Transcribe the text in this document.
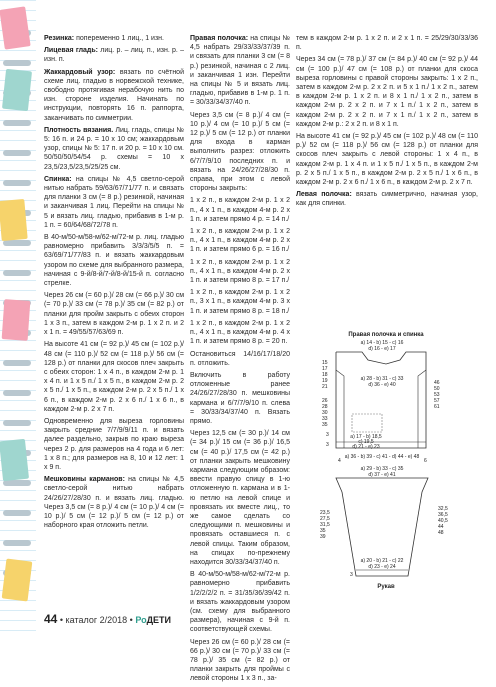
Резинка: попеременно 1 лиц., 1 изн.

Лицевая гладь: лиц. р. – лиц. п., изн. р. – изн. п.

Жаккардовый узор: вязать по счётной схеме лиц. гладью в норвежской технике, свободно протягивая нерабочую нить по изн. стороне изделия. Начинать по инструкции, повторять 16 п. раппорта, заканчивать по симметрии.

Плотность вязания. Лиц. гладь, спицы № 5: 16 п. и 24 р. = 10 х 10 см; жаккардовым узор, спицы № 5: 17 п. и 20 р. = 10 х 10 см. 50/50/50/54/54 р. схемы = 10 х 23,5/23,5/23,5/25/25 см.

Спинка: на спицы № 4,5 светло-серой нитью набрать 59/63/67/71/77 п. и связать для планки 3 см (= 8 р.) резинкой, начиная и заканчивая 1 лиц. Перейти на спицы № 5 и вязать лиц. гладью, прибавив в 1-м р. 1 п. = 60/64/68/72/78 п.

В 40-м/50-м/58-м/62-м/72-м р. лиц. гладью равномерно прибавить 3/3/3/5/5 п. = 63/69/71/77/83 п. и вязать жаккардовым узором по схеме для выбранного размера, начиная с 9-й/8-й/7-й/8-й/15-й п. согласно стрелке.

Через 26 см (= 60 р.)/ 28 см (= 66 р.)/ 30 см (= 70 р.)/ 33 см (= 78 р.)/ 35 см (= 82 р.) от планки для пройм закрыть с обеих сторон 1 х 3 п., затем в каждом 2-м р. 1 х 2 п. и 2 х 1 п. = 49/55/57/63/69 п.

На высоте 41 см (= 92 р.)/ 45 см (= 102 р.)/ 48 см (= 110 р.)/ 52 см (= 118 р.)/ 56 см (= 128 р.) от планки для скосов плеч закрыть с обеих сторон: 1 х 4 п., в каждом 2-м р. 1 х 4 п. и 1 х 5 п./ 1 х 5 п., в каждом 2-м р. 2 х 5 п./ 1 х 5 п., в каждом 2-м р. 2 х 5 п./ 1 х 6 п., в каждом 2-м р. 2 х 6 п./ 1 х 6 п., в каждом 2-м р. 2 х 7 п.

Одновременно для выреза горловины закрыть средние 7/7/9/9/11 п. и вязать далее раздельно, закрыв по краю выреза через 2 р. для размеров на 4 года и 6 лет: 1 х 8 п.; для размеров на 8, 10 и 12 лет: 1 х 9 п.

Мешковины карманов: на спицы № 4,5 светло-серой нитью набрать 24/26/27/28/30 п. и вязать лиц. гладью. Через 3,5 см (= 8 р.)/ 4 см (= 10 р.)/ 4 см (= 10 р.)/ 5 см (= 12 р.)/ 5 см (= 12 р.) от наборного края отложить петли.

Правая полочка: на спицы № 4,5 набрать 29/33/33/37/39 п. и связать для планки 3 см (= 8 р.) резинкой, начиная с 2 лиц. и заканчивая 1 изн. Перейти на спицы № 5 и вязать лиц. гладью, прибавив в 1-м р. 1 п. = 30/33/34/37/40 п.

Через 3,5 см (= 8 р.)/ 4 см (= 10 р.)/ 4 см (= 10 р.)/ 5 см (= 12 р.)/ 5 см (= 12 р.) от планки для входа в карман выполнить разрез: отложить 6/7/7/9/10 последних п. и вязать на 24/26/27/28/30 п. справа, при этом с левой стороны закрыть:

1 х 2 п., в каждом 2-м р. 1 х 2 п., 4 х 1 п., в каждом 4-м р. 2 х 1 п. и затем прямо 4 р. = 14 п./

1 х 2 п., в каждом 2-м р. 1 х 2 п., 4 х 1 п., в каждом 4-м р. 2 х 1 п. и затем прямо 6 р. = 16 п./

1 х 2 п., в каждом 2-м р. 1 х 2 п., 4 х 1 п., в каждом 4-м р. 2 х 1 п. и затем прямо 8 р. = 17 п./

1 х 2 п., в каждом 2-м р. 1 х 2 п., 3 х 1 п., в каждом 4-м р. 3 х 1 п. и затем прямо 8 р. = 18 п./

1 х 2 п., в каждом 2-м р. 1 х 2 п., 4 х 1 п., в каждом 4-м р. 4 х 1 п. и затем прямо 8 р. = 20 п.

Остановиться 14/16/17/18/20 п. отложить.

Включить в работу отложенные ранее 24/26/27/28/30 п. мешковины кармана и 6/7/7/9/10 п. слева = 30/33/34/37/40 п. Вязать прямо.

Через 12,5 см (= 30 р.)/ 14 см (= 34 р.)/ 15 см (= 36 р.)/ 16,5 см (= 40 р.)/ 17,5 см (= 42 р.) от планки закрыть мешковину кармана следующим образом: ввести правую спицу в 1-ю отложенную п. кармана и в 1-ю петлю на левой спице и провязать их вместе лиц., то же самое сделать со следующими п. мешковины и провязать оставшиеся п. с левой спицы. Таким образом, на спицах по-прежнему находится 30/33/34/37/40 п.

В 40-м/50-м/58-м/62-м/72-м р. равномерно прибавить 1/2/2/2/2 п. = 31/35/36/39/42 п. и вязать жаккардовым узором (см. схему для выбранного размера), начиная с 9-й п. соответствующей схемы.

Через 26 см (= 60 р.)/ 28 см (= 66 р.)/ 30 см (= 70 р.)/ 33 см (= 78 р.)/ 35 см (= 82 р.) от планки закрыть для проймы с левой стороны 1 х 3 п., за-

тем в каждом 2-м р. 1 х 2 п. и 2 х 1 п. = 25/29/30/33/36 п.

Через 34 см (= 78 р.)/ 37 см (= 84 р.)/ 40 см (= 92 р.)/ 44 см (= 100 р.)/ 47 см (= 108 р.) от планки для скоса выреза горловины с правой стороны закрыть: 1 х 2 п., затем в каждом 2-м р. 2 х 2 п. и 5 х 1 п./ 1 х 2 п., затем в каждом 2-м р. 1 х 2 п. и 8 х 1 п./ 1 х 2 п., затем в каждом 2-м р. 2 х 2 п. и 7 х 1 п./ 1 х 2 п., затем в каждом 2-м р. 2 х 2 п. и 7 х 1 п./ 1 х 2 п., затем в каждом 2-м р.: 2 х 2 п. и 8 х 1 п.

На высоте 41 см (= 92 р.)/ 45 см (= 102 р.)/ 48 см (= 110 р.)/ 52 см (= 118 р.)/ 56 см (= 128 р.) от планки для скосов плеч закрыть с левой стороны: 1 х 4 п., в каждом 2-м р. 1 х 4 п. и 1 х 5 п./ 1 х 5 п., в каждом 2-м р. 2 х 5 п./ 1 х 5 п., в каждом 2-м р. 2 х 5 п./ 1 х 6 п., в каждом 2-м р. 2 х 6 п./ 1 х 6 п., в каждом 2-м р. 2 х 7 п.

Левая полочка: вязать симметрично, начиная узор, как для спинки.

Правая полочка и спинка
a) 14 - b) 15 - c) 16
d) 16 - e) 17
a) 28 - b) 31 - c) 33
d) 36 - e) 40
15
17
18
19
21
26
28
30
33
35
3
3
46
50
53
57
61
a) 17 - b) 18,5
c) 19,5
d) 21 - e) 23
a) 36 - b) 39 - c) 41 - d) 44 - e) 48
a) 29 - b) 33 - c) 35
d) 37 - e) 41
4	6
23,5
27,5
31,5
35
39
32,5
36,5
40,5
44
48
a) 20 - b) 21 - c) 22
d) 23 - e) 24
3
Рукав
44 • каталог 2/2018 • РоДЕТИ
